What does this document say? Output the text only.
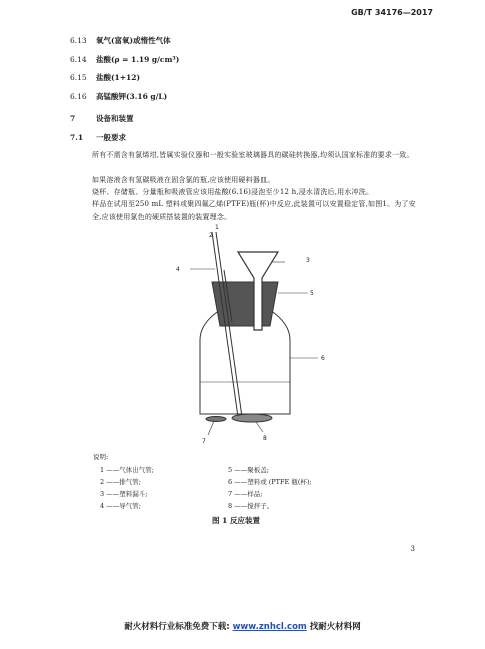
GB/T 34176—2017
6.13 氧气(富氧)或惰性气体
6.14 盐酸(ρ = 1.19 g/cm³)
6.15 盐酸(1+12)
6.16 高锰酸钾(3.16 g/L)
7	设备和装置
7.1 一般要求
所有不需含有氯烯坩,皆属实验仪器和一般实验室玻璃器具的碳硅转换器,均须认国家标准的要求一致。
如果溶液含有氢碳吸液在固含氯的瓶,应该使用硬料器皿。
烧杯、存储瓶、分量瓶和吸液管应该用盐酸(6.16)浸泡至少12 h,浸水清洗后,用水冲洗。
样品在试用至250 mL 塑料或聚四氟乙烯(PTFE)瓶(杯)中反应,此装置可以安置稳定管,如图1。为了安全,应该使用氯色的硬质搭装置的装置理念。
1
2
3
4
5
6
7	8
说明:
1 ——气体出气管;
2 ——排气管;
3 ——塑料漏斗;
4 ——导气管;
5 ——聚板盖;
6 ——塑料或 (PTFE 瓶(杯);
7 ——样品;
8 ——搅拌子。
图 1 反应装置
3
耐火材料行业标准免费下载: www.znhcl.com 找耐火材料网
